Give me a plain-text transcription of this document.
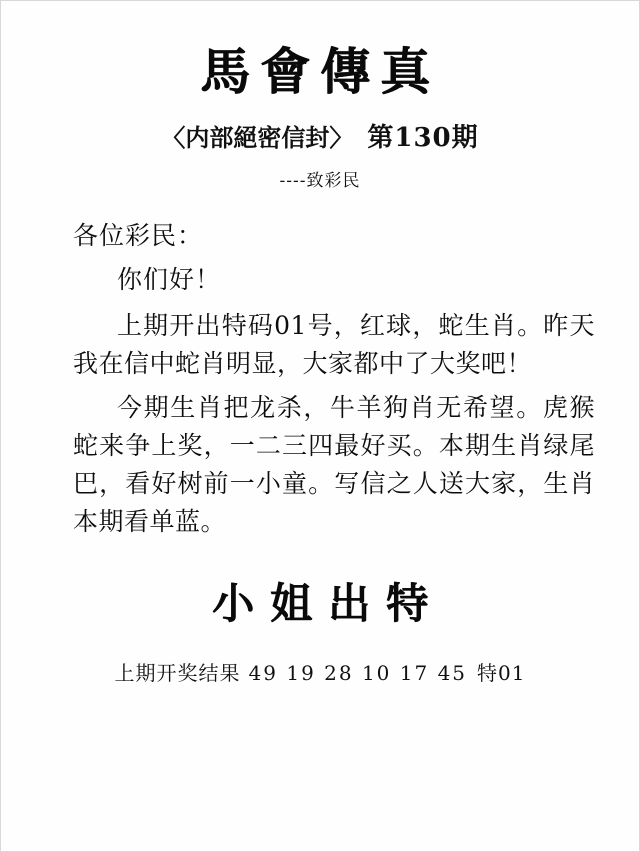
馬會傳真
〈内部絕密信封〉 第130期
----致彩民
各位彩民：
你们好！
上期开出特码01号，红球，蛇生肖。昨天我在信中蛇肖明显，大家都中了大奖吧！
今期生肖把龙杀，牛羊狗肖无希望。虎猴蛇来争上奖，一二三四最好买。本期生肖绿尾巴，看好树前一小童。写信之人送大家，生肖本期看单蓝。
小姐出特
上期开奖结果 49 19 28 10 17 45 特01
